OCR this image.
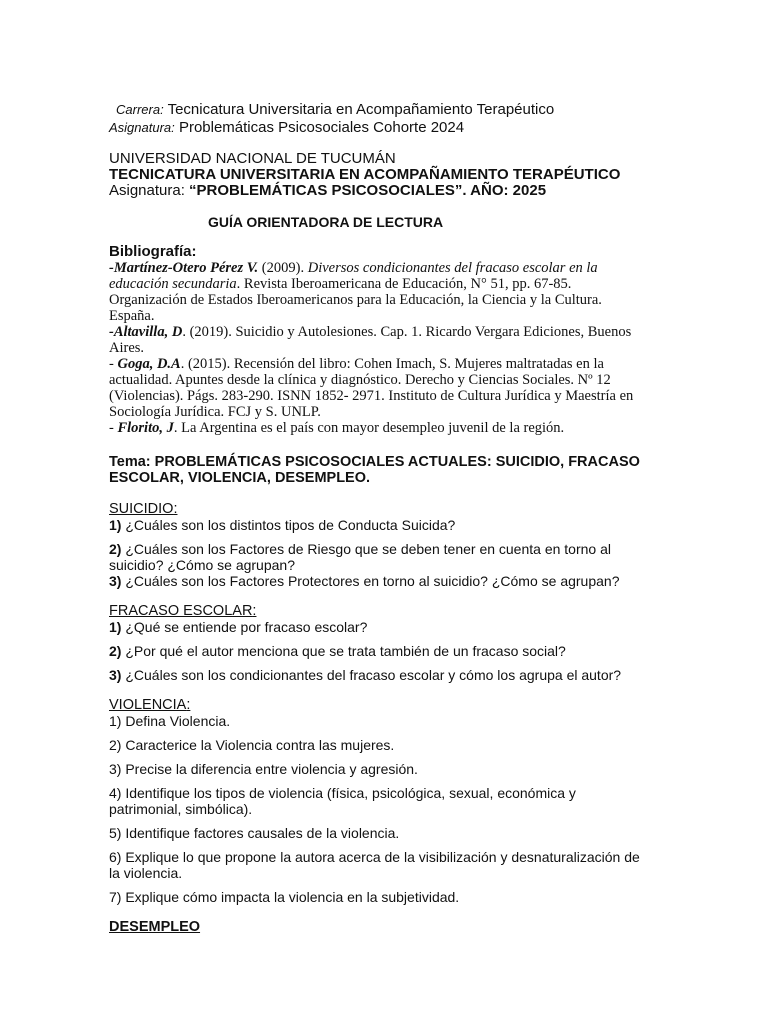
Carrera: Tecnicatura Universitaria en Acompañamiento Terapéutico
Asignatura: Problemáticas Psicosociales Cohorte 2024
UNIVERSIDAD NACIONAL DE TUCUMÁN
TECNICATURA UNIVERSITARIA EN ACOMPAÑAMIENTO TERAPÉUTICO
Asignatura: “PROBLEMÁTICAS PSICOSOCIALES”. AÑO: 2025
GUÍA ORIENTADORA DE LECTURA
Bibliografía:
-Martínez-Otero Pérez V. (2009). Diversos condicionantes del fracaso escolar en la
educación secundaria. Revista Iberoamericana de Educación, N° 51, pp. 67-85.
Organización de Estados Iberoamericanos para la Educación, la Ciencia y la Cultura.
España.
-Altavilla, D. (2019). Suicidio y Autolesiones. Cap. 1. Ricardo Vergara Ediciones, Buenos
Aires.
- Goga, D.A. (2015). Recensión del libro: Cohen Imach, S. Mujeres maltratadas en la
actualidad. Apuntes desde la clínica y diagnóstico. Derecho y Ciencias Sociales. Nº 12
(Violencias). Págs. 283-290. ISNN 1852- 2971. Instituto de Cultura Jurídica y Maestría en
Sociología Jurídica. FCJ y S. UNLP.
- Florito, J. La Argentina es el país con mayor desempleo juvenil de la región.
Tema: PROBLEMÁTICAS PSICOSOCIALES ACTUALES: SUICIDIO, FRACASO
ESCOLAR, VIOLENCIA, DESEMPLEO.
SUICIDIO:
1) ¿Cuáles son los distintos tipos de Conducta Suicida?
2) ¿Cuáles son los Factores de Riesgo que se deben tener en cuenta en torno al
suicidio? ¿Cómo se agrupan?
3) ¿Cuáles son los Factores Protectores en torno al suicidio? ¿Cómo se agrupan?
FRACASO ESCOLAR:
1) ¿Qué se entiende por fracaso escolar?
2) ¿Por qué el autor menciona que se trata también de un fracaso social?
3) ¿Cuáles son los condicionantes del fracaso escolar y cómo los agrupa el autor?
VIOLENCIA:
1) Defina Violencia.
2) Caracterice la Violencia contra las mujeres.
3) Precise la diferencia entre violencia y agresión.
4) Identifique los tipos de violencia (física, psicológica, sexual, económica y
patrimonial, simbólica).
5) Identifique factores causales de la violencia.
6) Explique lo que propone la autora acerca de la visibilización y desnaturalización de
la violencia.
7) Explique cómo impacta la violencia en la subjetividad.
DESEMPLEO
